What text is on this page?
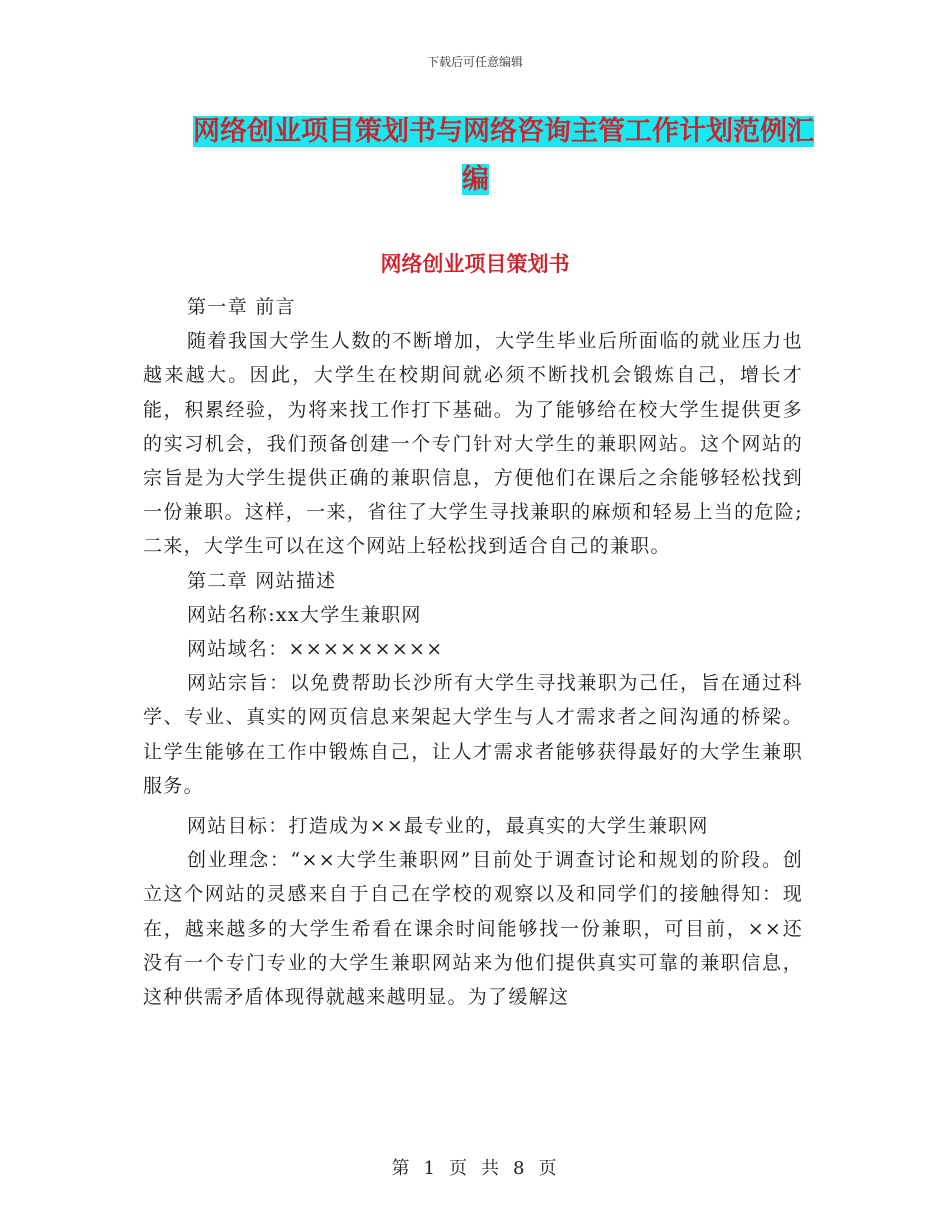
下载后可任意编辑
网络创业项目策划书与网络咨询主管工作计划范例汇
编
网络创业项目策划书

第一章 前言

随着我国大学生人数的不断增加，大学生毕业后所面临的就业压力也越来越大。因此，大学生在校期间就必须不断找机会锻炼自己，增长才能，积累经验，为将来找工作打下基础。为了能够给在校大学生提供更多的实习机会，我们预备创建一个专门针对大学生的兼职网站。这个网站的宗旨是为大学生提供正确的兼职信息，方便他们在课后之余能够轻松找到一份兼职。这样，一来，省往了大学生寻找兼职的麻烦和轻易上当的危险;二来，大学生可以在这个网站上轻松找到适合自己的兼职。

第二章 网站描述

网站名称:xx大学生兼职网

网站域名：×××××××××

网站宗旨：以免费帮助长沙所有大学生寻找兼职为己任，旨在通过科学、专业、真实的网页信息来架起大学生与人才需求者之间沟通的桥梁。让学生能够在工作中锻炼自己，让人才需求者能够获得最好的大学生兼职服务。

网站目标：打造成为××最专业的，最真实的大学生兼职网

创业理念：“××大学生兼职网”目前处于调查讨论和规划的阶段。创立这个网站的灵感来自于自己在学校的观察以及和同学们的接触得知：现在，越来越多的大学生希看在课余时间能够找一份兼职，可目前，××还没有一个专门专业的大学生兼职网站来为他们提供真实可靠的兼职信息，这种供需矛盾体现得就越来越明显。为了缓解这

第 1 页 共 8 页
